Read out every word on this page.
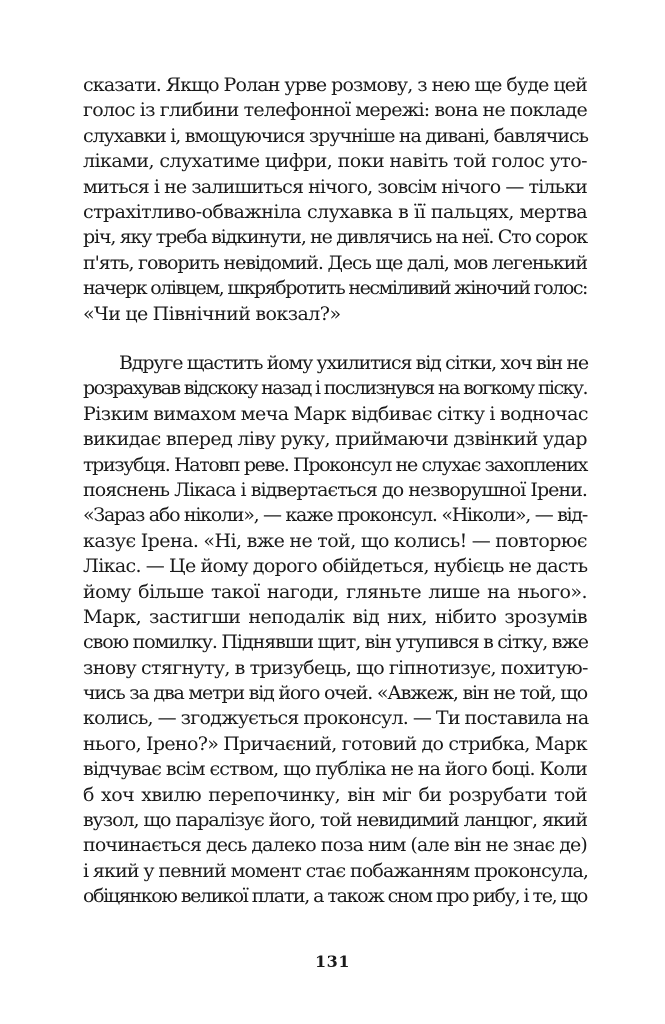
сказати. Якщо Ролан урве розмову, з нею ще буде цей
голос із глибини телефонної мережі: вона не покладе
слухавки і, вмощуючися зручніше на дивані, бавлячись
ліками, слухатиме цифри, поки навіть той голос уто-
миться і не залишиться нічого, зовсім нічого — тільки
страхітливо-обважніла слухавка в її пальцях, мертва
річ, яку треба відкинути, не дивлячись на неї. Сто сорок
п'ять, говорить невідомий. Десь ще далі, мов легенький
начерк олівцем, шкрябротить несміливий жіночий голос:
«Чи це Північний вокзал?»
Вдруге щастить йому ухилитися від сітки, хоч він не
розрахував відскоку назад і послизнувся на вогкому піску.
Різким вимахом меча Марк відбиває сітку і водночас
викидає вперед ліву руку, приймаючи дзвінкий удар
тризубця. Натовп реве. Проконсул не слухає захоплених
пояснень Лікаса і відвертається до незворушної Ірени.
«Зараз або ніколи», — каже проконсул. «Ніколи», — від-
казує Ірена. «Ні, вже не той, що колись! — повторює
Лікас. — Це йому дорого обійдеться, нубієць не дасть
йому більше такої нагоди, гляньте лише на нього».
Марк, застигши неподалік від них, нібито зрозумів
свою помилку. Піднявши щит, він утупився в сітку, вже
знову стягнуту, в тризубець, що гіпнотизує, похитую-
чись за два метри від його очей. «Авжеж, він не той, що
колись, — згоджується проконсул. — Ти поставила на
нього, Ірено?» Причаєний, готовий до стрибка, Марк
відчуває всім єством, що публіка не на його боці. Коли
б хоч хвилю перепочинку, він міг би розрубати той
вузол, що паралізує його, той невидимий ланцюг, який
починається десь далеко поза ним (але він не знає де)
і який у певний момент стає побажанням проконсула,
обіцянкою великої плати, а також сном про рибу, і те, що
131
